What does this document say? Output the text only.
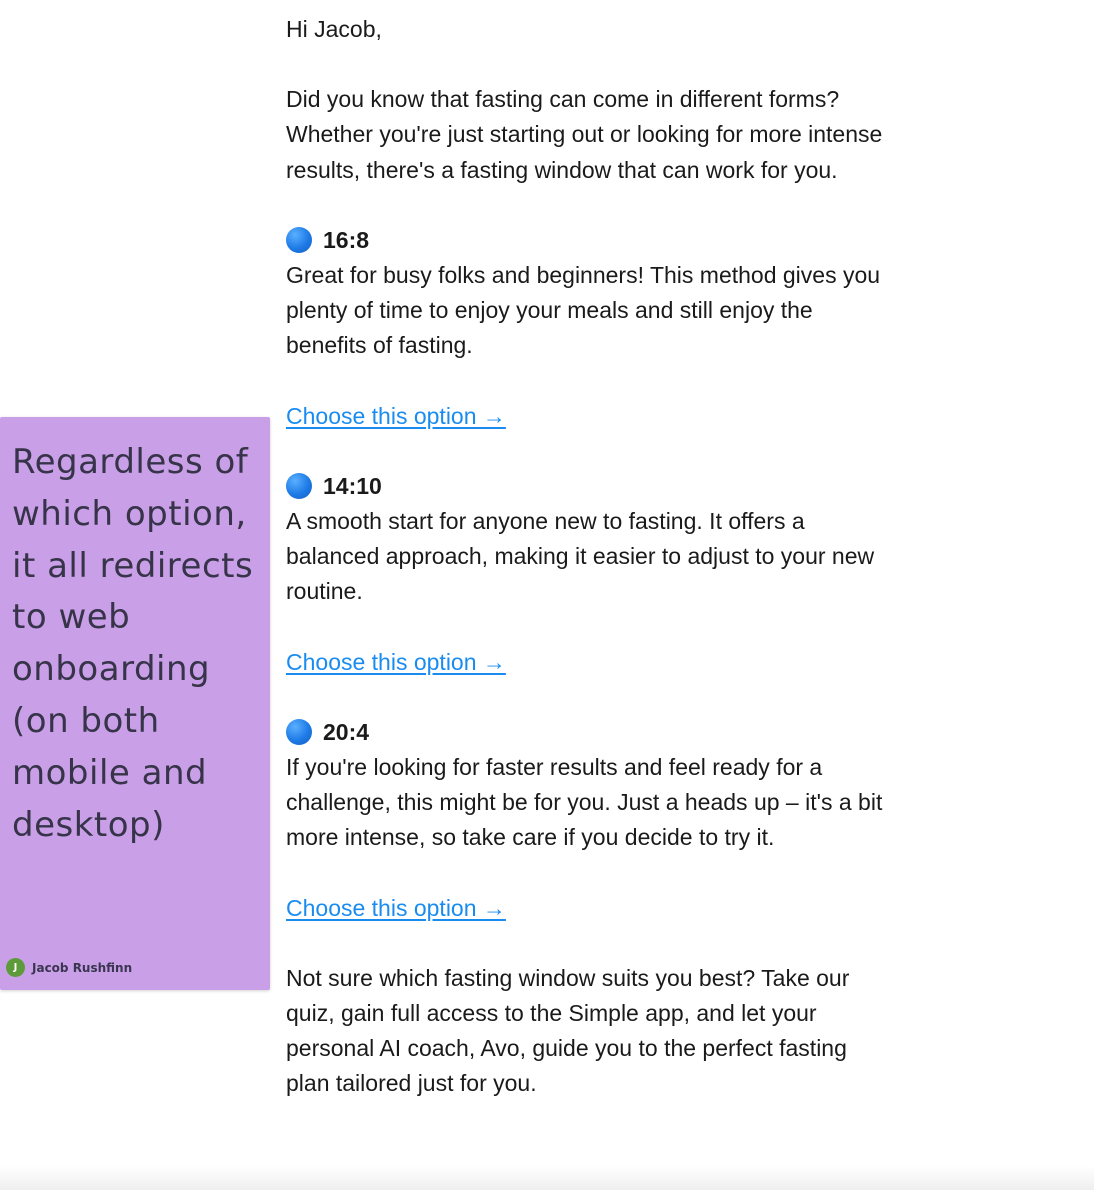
Hi Jacob,

Did you know that fasting can come in different forms? Whether you're just starting out or looking for more intense results, there's a fasting window that can work for you.

16:8

Great for busy folks and beginners! This method gives you plenty of time to enjoy your meals and still enjoy the benefits of fasting.

Choose this option →
14:10

A smooth start for anyone new to fasting. It offers a balanced approach, making it easier to adjust to your new routine.

Choose this option →
20:4

If you're looking for faster results and feel ready for a challenge, this might be for you. Just a heads up – it's a bit more intense, so take care if you decide to try it.

Choose this option →

Not sure which fasting window suits you best? Take our quiz, gain full access to the Simple app, and let your personal AI coach, Avo, guide you to the perfect fasting plan tailored just for you.

Regardless of which option, it all redirects to web onboarding (on both mobile and desktop)
J	Jacob Rushfinn
